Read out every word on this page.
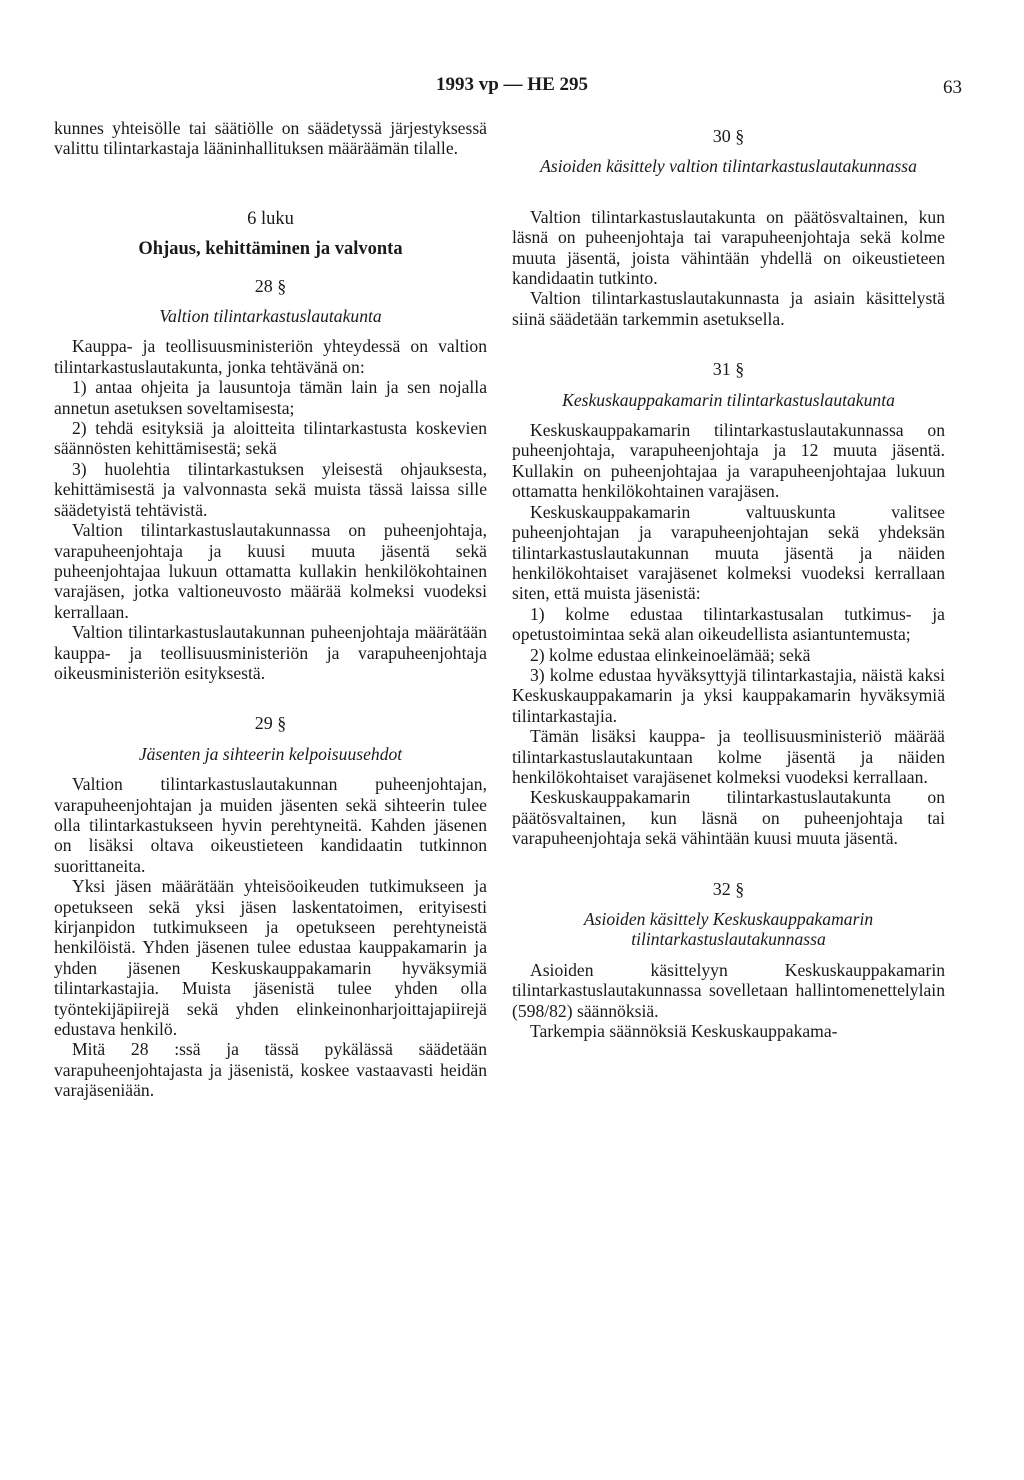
1993 vp — HE 295	63

kunnes yhteisölle tai säätiölle on säädetyssä järjestyksessä valittu tilintarkastaja lääninhallituksen määräämän tilalle.

6 luku

Ohjaus, kehittäminen ja valvonta

28 §

Valtion tilintarkastuslautakunta

Kauppa- ja teollisuusministeriön yhteydessä on valtion tilintarkastuslautakunta, jonka tehtävänä on:

1) antaa ohjeita ja lausuntoja tämän lain ja sen nojalla annetun asetuksen soveltamisesta;

2) tehdä esityksiä ja aloitteita tilintarkastusta koskevien säännösten kehittämisestä; sekä

3) huolehtia tilintarkastuksen yleisestä ohjauksesta, kehittämisestä ja valvonnasta sekä muista tässä laissa sille säädetyistä tehtävistä.

Valtion tilintarkastuslautakunnassa on puheenjohtaja, varapuheenjohtaja ja kuusi muuta jäsentä sekä puheenjohtajaa lukuun ottamatta kullakin henkilökohtainen varajäsen, jotka valtioneuvosto määrää kolmeksi vuodeksi kerrallaan.

Valtion tilintarkastuslautakunnan puheenjohtaja määrätään kauppa- ja teollisuusministeriön ja varapuheenjohtaja oikeusministeriön esityksestä.

29 §

Jäsenten ja sihteerin kelpoisuusehdot

Valtion tilintarkastuslautakunnan puheenjohtajan, varapuheenjohtajan ja muiden jäsenten sekä sihteerin tulee olla tilintarkastukseen hyvin perehtyneitä. Kahden jäsenen on lisäksi oltava oikeustieteen kandidaatin tutkinnon suorittaneita.

Yksi jäsen määrätään yhteisöoikeuden tutkimukseen ja opetukseen sekä yksi jäsen laskentatoimen, erityisesti kirjanpidon tutkimukseen ja opetukseen perehtyneistä henkilöistä. Yhden jäsenen tulee edustaa kauppakamarin ja yhden jäsenen Keskuskauppakamarin hyväksymiä tilintarkastajia. Muista jäsenistä tulee yhden olla työntekijäpiirejä sekä yhden elinkeinonharjoittajapiirejä edustava henkilö.

Mitä 28 :ssä ja tässä pykälässä säädetään varapuheenjohtajasta ja jäsenistä, koskee vastaavasti heidän varajäseniään.

30 §

Asioiden käsittely valtion tilintarkastuslautakunnassa

Valtion tilintarkastuslautakunta on päätösvaltainen, kun läsnä on puheenjohtaja tai varapuheenjohtaja sekä kolme muuta jäsentä, joista vähintään yhdellä on oikeustieteen kandidaatin tutkinto.

Valtion tilintarkastuslautakunnasta ja asiain käsittelystä siinä säädetään tarkemmin asetuksella.

31 §

Keskuskauppakamarin tilintarkastuslautakunta

Keskuskauppakamarin tilintarkastuslautakunnassa on puheenjohtaja, varapuheenjohtaja ja 12 muuta jäsentä. Kullakin on puheenjohtajaa ja varapuheenjohtajaa lukuun ottamatta henkilökohtainen varajäsen.

Keskuskauppakamarin valtuuskunta valitsee puheenjohtajan ja varapuheenjohtajan sekä yhdeksän tilintarkastuslautakunnan muuta jäsentä ja näiden henkilökohtaiset varajäsenet kolmeksi vuodeksi kerrallaan siten, että muista jäsenistä:

1) kolme edustaa tilintarkastusalan tutkimus- ja opetustoimintaa sekä alan oikeudellista asiantuntemusta;

2) kolme edustaa elinkeinoelämää; sekä

3) kolme edustaa hyväksyttyjä tilintarkastajia, näistä kaksi Keskuskauppakamarin ja yksi kauppakamarin hyväksymiä tilintarkastajia.

Tämän lisäksi kauppa- ja teollisuusministeriö määrää tilintarkastuslautakuntaan kolme jäsentä ja näiden henkilökohtaiset varajäsenet kolmeksi vuodeksi kerrallaan.

Keskuskauppakamarin tilintarkastuslautakunta on päätösvaltainen, kun läsnä on puheenjohtaja tai varapuheenjohtaja sekä vähintään kuusi muuta jäsentä.

32 §

Asioiden käsittely Keskuskauppakamarin tilintarkastuslautakunnassa

Asioiden käsittelyyn Keskuskauppakamarin tilintarkastuslautakunnassa sovelletaan hallintomenettelylain (598/82) säännöksiä.

Tarkempia säännöksiä Keskuskauppakama-
